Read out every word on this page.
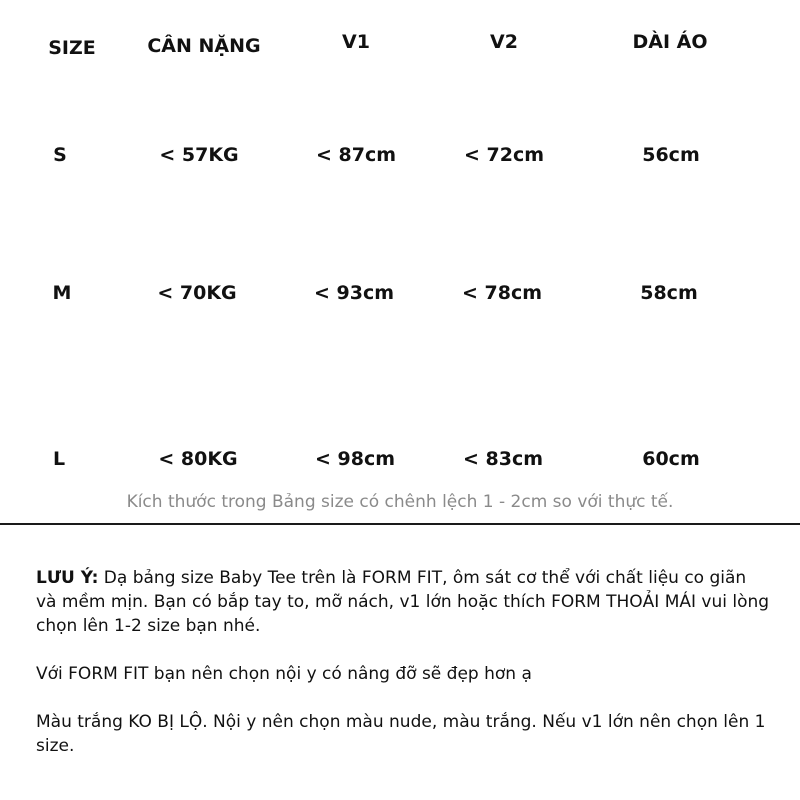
SIZE	CÂN NẶNG	V1	V2	DÀI ÁO
S	< 57KG	< 87cm	< 72cm	56cm
M	< 70KG	< 93cm	< 78cm	58cm
L	< 80KG	< 98cm	< 83cm	60cm
Kích thước trong Bảng size có chênh lệch 1 - 2cm so với thực tế.

LƯU Ý: Dạ bảng size Baby Tee trên là FORM FIT, ôm sát cơ thể với chất liệu co giãn và mềm mịn. Bạn có bắp tay to, mỡ nách, v1 lớn hoặc thích FORM THOẢI MÁI vui lòng chọn lên 1-2 size bạn nhé.

Với FORM FIT bạn nên chọn nội y có nâng đỡ sẽ đẹp hơn ạ

Màu trắng KO BỊ LỘ. Nội y nên chọn màu nude, màu trắng. Nếu v1 lớn nên chọn lên 1 size.
